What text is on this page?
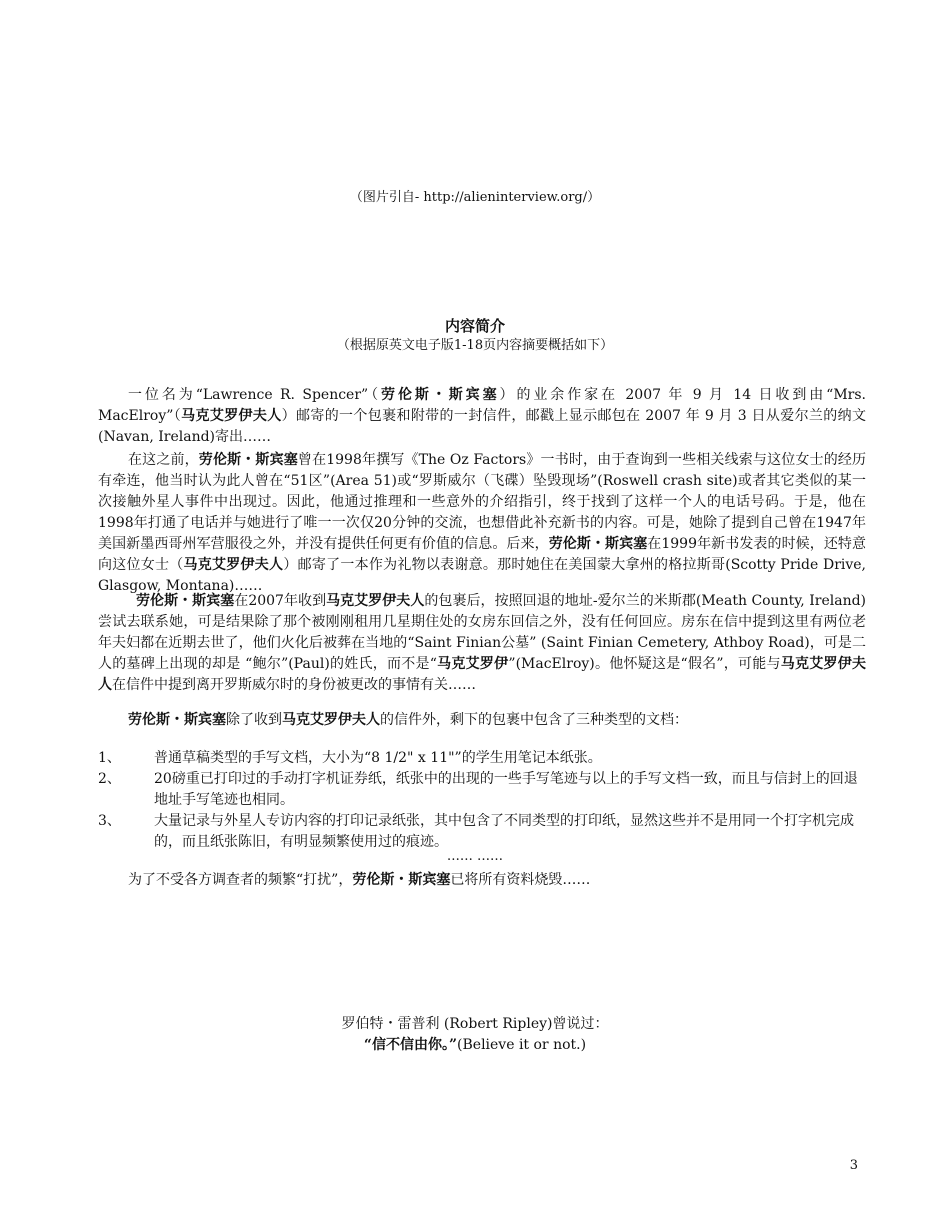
（图片引自- http://alieninterview.org/）
内容简介
（根据原英文电子版1-18页内容摘要概括如下）
一位名为“Lawrence R. Spencer”（劳伦斯・斯宾塞）的业余作家在 2007 年 9 月 14 日收到由“Mrs. MacElroy”（马克艾罗伊夫人）邮寄的一个包裹和附带的一封信件，邮戳上显示邮包在 2007 年 9 月 3 日从爱尔兰的纳文(Navan, Ireland)寄出……
在这之前，劳伦斯・斯宾塞曾在1998年撰写《The Oz Factors》一书时，由于查询到一些相关线索与这位女士的经历有牵连，他当时认为此人曾在“51区”(Area 51)或“罗斯威尔（飞碟）坠毁现场”(Roswell crash site)或者其它类似的某一次接触外星人事件中出现过。因此，他通过推理和一些意外的介绍指引，终于找到了这样一个人的电话号码。于是，他在1998年打通了电话并与她进行了唯一一次仅20分钟的交流，也想借此补充新书的内容。可是，她除了提到自己曾在1947年美国新墨西哥州军营服役之外，并没有提供任何更有价值的信息。后来，劳伦斯・斯宾塞在1999年新书发表的时候，还特意向这位女士（马克艾罗伊夫人）邮寄了一本作为礼物以表谢意。那时她住在美国蒙大拿州的格拉斯哥(Scotty Pride Drive, Glasgow, Montana)……
劳伦斯・斯宾塞在2007年收到马克艾罗伊夫人的包裹后，按照回退的地址-爱尔兰的米斯郡(Meath County, Ireland)尝试去联系她，可是结果除了那个被刚刚租用几星期住处的女房东回信之外，没有任何回应。房东在信中提到这里有两位老年夫妇都在近期去世了，他们火化后被葬在当地的“Saint Finian公墓” (Saint Finian Cemetery, Athboy Road)，可是二人的墓碑上出现的却是 “鲍尔”(Paul)的姓氏，而不是“马克艾罗伊”(MacElroy)。他怀疑这是“假名”，可能与马克艾罗伊夫人在信件中提到离开罗斯威尔时的身份被更改的事情有关……
劳伦斯・斯宾塞除了收到马克艾罗伊夫人的信件外，剩下的包裹中包含了三种类型的文档：
1、 普通草稿类型的手写文档，大小为“8 1/2" x 11"”的学生用笔记本纸张。
2、 20磅重已打印过的手动打字机证券纸，纸张中的出现的一些手写笔迹与以上的手写文档一致，而且与信封上的回退地址手写笔迹也相同。
3、 大量记录与外星人专访内容的打印记录纸张，其中包含了不同类型的打印纸，显然这些并不是用同一个打字机完成的，而且纸张陈旧，有明显频繁使用过的痕迹。
…… ……
为了不受各方调查者的频繁“打扰”，劳伦斯・斯宾塞已将所有资料烧毁……
罗伯特・雷普利 (Robert Ripley)曾说过：
“信不信由你。”(Believe it or not.)
3
